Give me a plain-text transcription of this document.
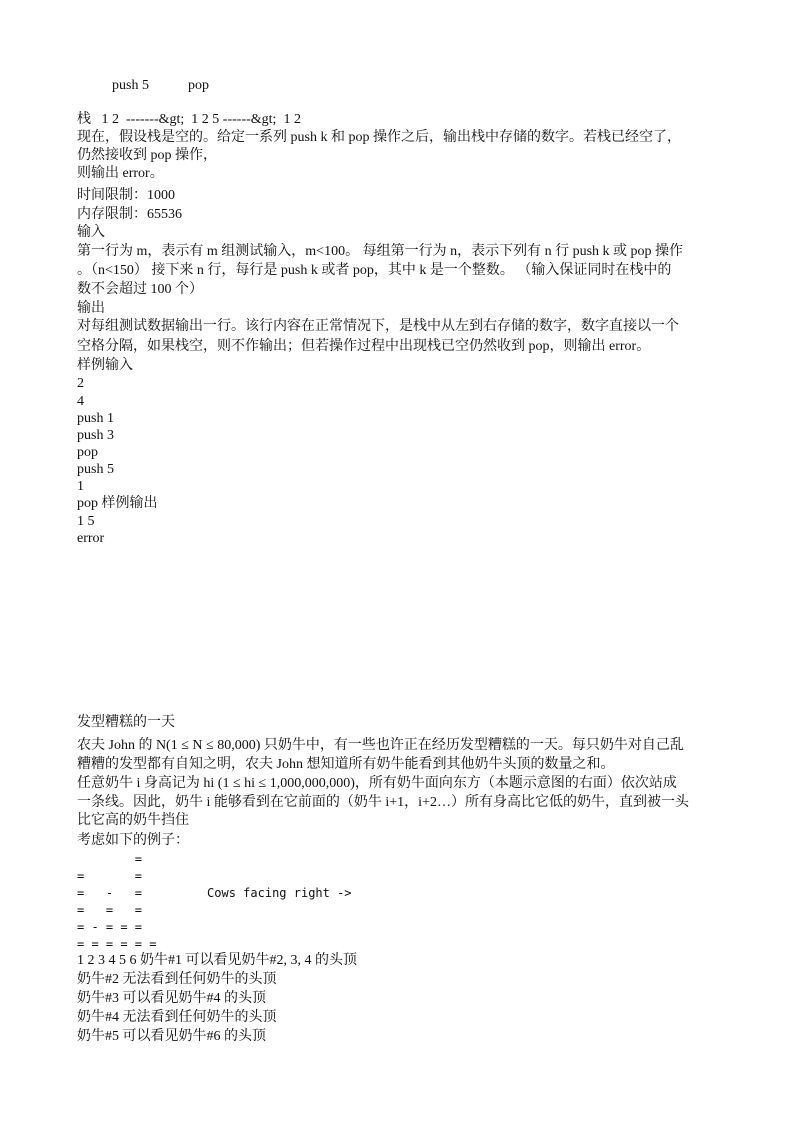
push 5	pop
栈   1 2  -------&gt;  1 2 5 ------&gt;  1 2
现在，假设栈是空的。给定一系列 push k 和 pop 操作之后，输出栈中存储的数字。若栈已经空了，
仍然接收到 pop 操作，
则输出 error。
时间限制：1000
内存限制：65536
输入
第一行为 m，表示有 m 组测试输入，m<100。 每组第一行为 n，表示下列有 n 行 push k 或 pop 操作
。（n<150） 接下来 n 行，每行是 push k 或者 pop，其中 k 是一个整数。 （输入保证同时在栈中的
数不会超过 100 个）
输出
对每组测试数据输出一行。该行内容在正常情况下，是栈中从左到右存储的数字，数字直接以一个
空格分隔，如果栈空，则不作输出；但若操作过程中出现栈已空仍然收到 pop，则输出 error。
样例输入
2
4
push 1
push 3
pop
push 5
1
pop 样例输出
1 5
error
发型糟糕的一天
农夫 John 的 N(1 ≤ N ≤ 80,000) 只奶牛中，有一些也许正在经历发型糟糕的一天。每只奶牛对自己乱
糟糟的发型都有自知之明，农夫 John 想知道所有奶牛能看到其他奶牛头顶的数量之和。
任意奶牛 i 身高记为 hi (1 ≤ hi ≤ 1,000,000,000)，所有奶牛面向东方（本题示意图的右面）依次站成
一条线。因此，奶牛 i 能够看到在它前面的（奶牛 i+1，i+2…）所有身高比它低的奶牛，直到被一头
比它高的奶牛挡住
考虑如下的例子：
=
=       =
=   -   =         Cows facing right ->
=   =   =
= - = = =
= = = = = =
1 2 3 4 5 6 奶牛#1 可以看见奶牛#2, 3, 4 的头顶
奶牛#2 无法看到任何奶牛的头顶
奶牛#3 可以看见奶牛#4 的头顶
奶牛#4 无法看到任何奶牛的头顶
奶牛#5 可以看见奶牛#6 的头顶
